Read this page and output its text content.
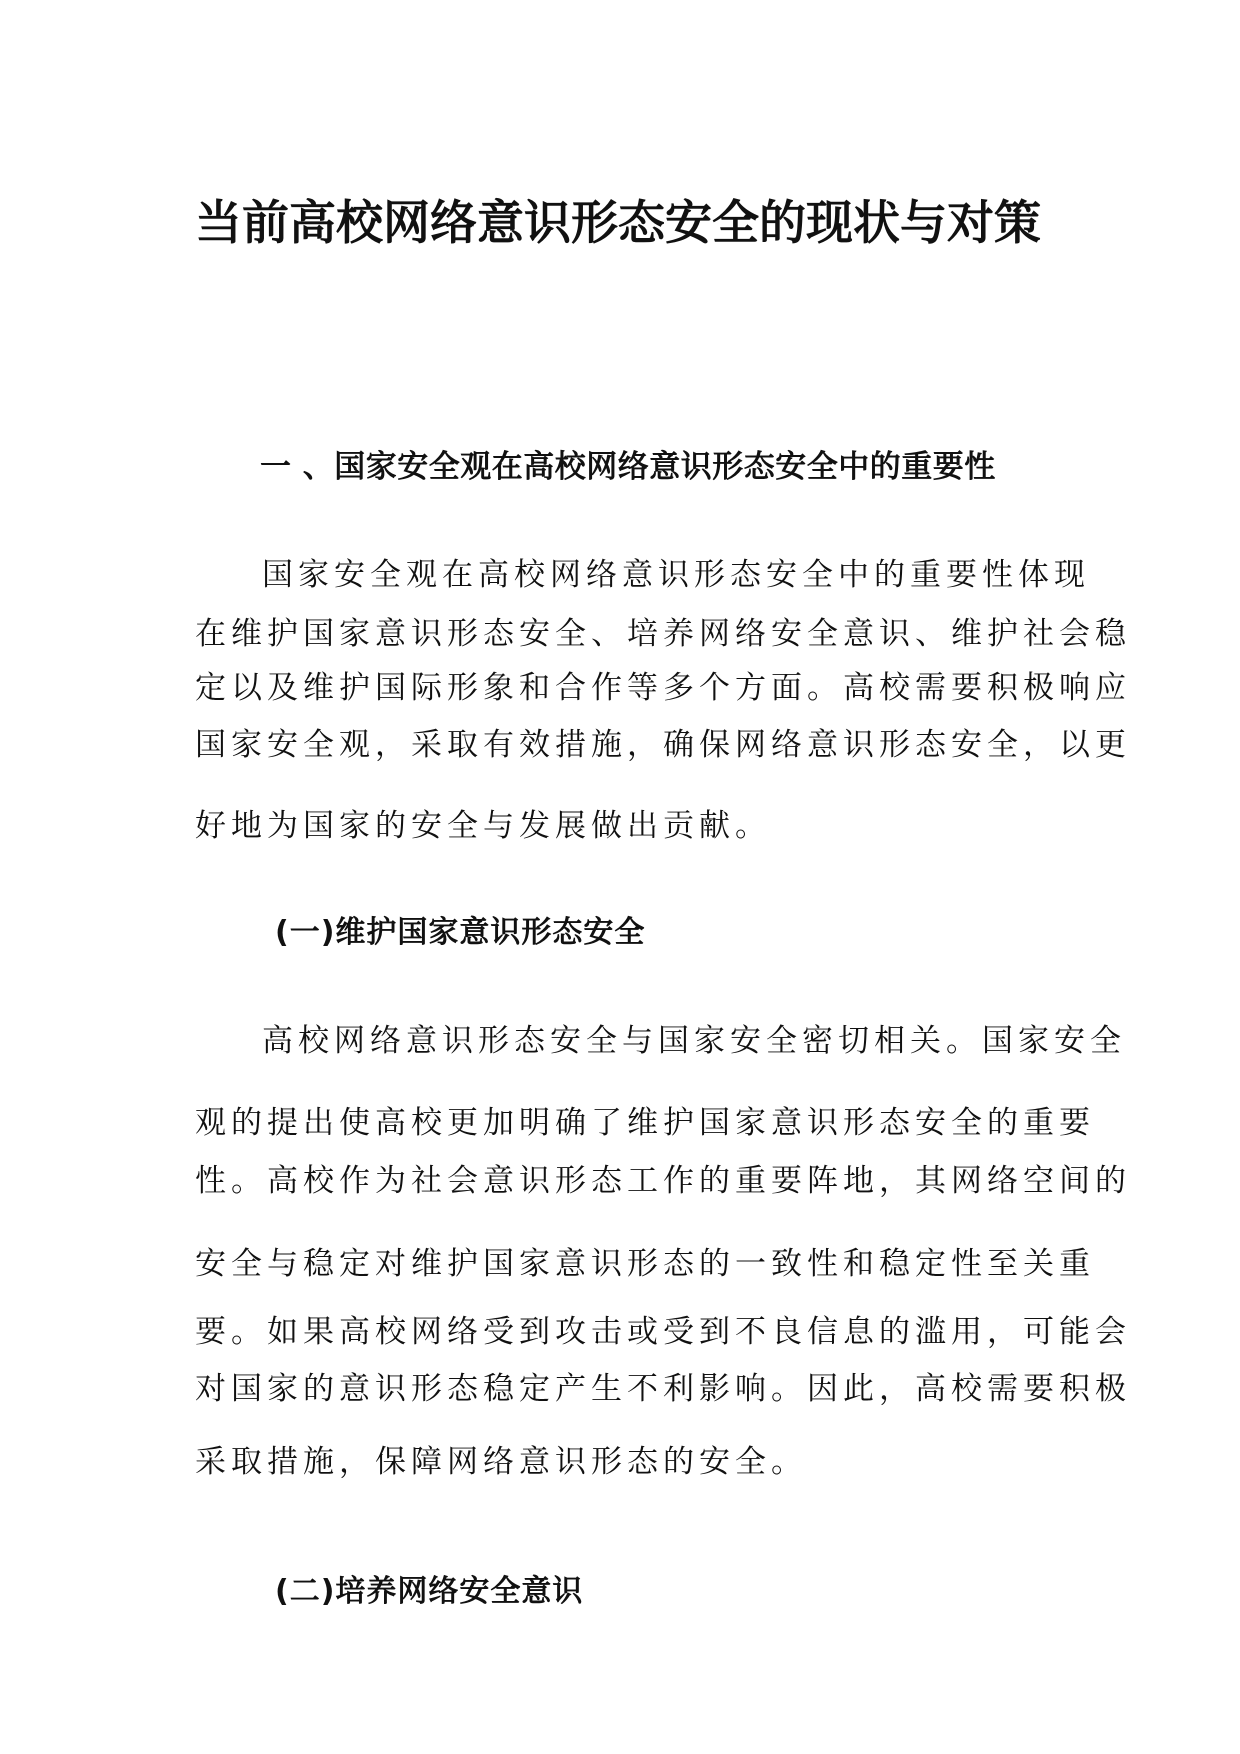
当前高校网络意识形态安全的现状与对策
一 、国家安全观在高校网络意识形态安全中的重要性
国家安全观在高校网络意识形态安全中的重要性体现
在维护国家意识形态安全、培养网络安全意识、维护社会稳
定以及维护国际形象和合作等多个方面。高校需要积极响应
国家安全观，采取有效措施，确保网络意识形态安全，以更
好地为国家的安全与发展做出贡献。
(一)维护国家意识形态安全
高校网络意识形态安全与国家安全密切相关。国家安全
观的提出使高校更加明确了维护国家意识形态安全的重要
性。高校作为社会意识形态工作的重要阵地，其网络空间的
安全与稳定对维护国家意识形态的一致性和稳定性至关重
要。如果高校网络受到攻击或受到不良信息的滥用，可能会
对国家的意识形态稳定产生不利影响。因此，高校需要积极
采取措施，保障网络意识形态的安全。
(二)培养网络安全意识
